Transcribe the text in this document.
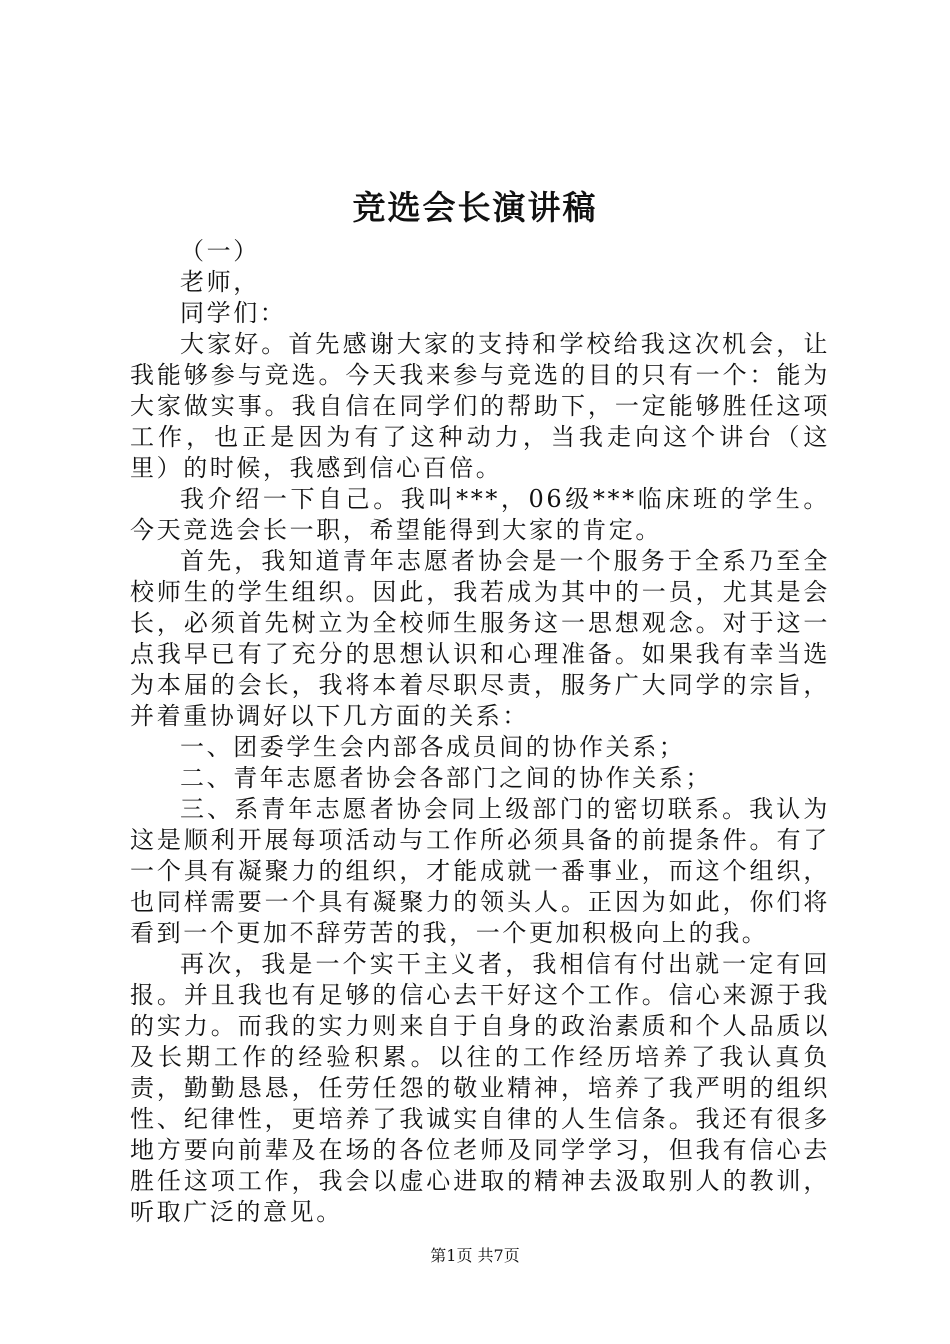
竞选会长演讲稿

（一）

老师，

同学们：

大家好。首先感谢大家的支持和学校给我这次机会，让我能够参与竞选。今天我来参与竞选的目的只有一个：能为大家做实事。我自信在同学们的帮助下，一定能够胜任这项工作，也正是因为有了这种动力，当我走向这个讲台（这里）的时候，我感到信心百倍。

我介绍一下自己。我叫***，06级***临床班的学生。今天竞选会长一职，希望能得到大家的肯定。

首先，我知道青年志愿者协会是一个服务于全系乃至全校师生的学生组织。因此，我若成为其中的一员，尤其是会长，必须首先树立为全校师生服务这一思想观念。对于这一点我早已有了充分的思想认识和心理准备。如果我有幸当选为本届的会长，我将本着尽职尽责，服务广大同学的宗旨，并着重协调好以下几方面的关系：

一、团委学生会内部各成员间的协作关系；

二、青年志愿者协会各部门之间的协作关系；

三、系青年志愿者协会同上级部门的密切联系。我认为这是顺利开展每项活动与工作所必须具备的前提条件。有了一个具有凝聚力的组织，才能成就一番事业，而这个组织，也同样需要一个具有凝聚力的领头人。正因为如此，你们将看到一个更加不辞劳苦的我，一个更加积极向上的我。

再次，我是一个实干主义者，我相信有付出就一定有回报。并且我也有足够的信心去干好这个工作。信心来源于我的实力。而我的实力则来自于自身的政治素质和个人品质以及长期工作的经验积累。以往的工作经历培养了我认真负责，勤勤恳恳，任劳任怨的敬业精神，培养了我严明的组织性、纪律性，更培养了我诚实自律的人生信条。我还有很多地方要向前辈及在场的各位老师及同学学习，但我有信心去胜任这项工作，我会以虚心进取的精神去汲取别人的教训，听取广泛的意见。

第1页 共7页
